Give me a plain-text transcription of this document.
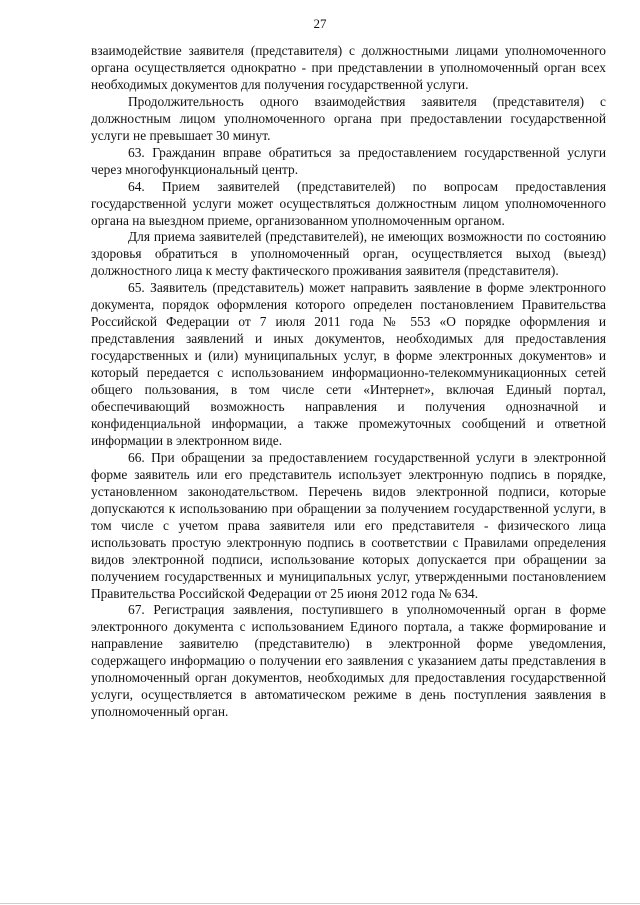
27

взаимодействие заявителя (представителя) с должностными лицами уполномоченного органа осуществляется однократно - при представлении в уполномоченный орган всех необходимых документов для получения государственной услуги.

Продолжительность одного взаимодействия заявителя (представителя) с должностным лицом уполномоченного органа при предоставлении государственной услуги не превышает 30 минут.

63. Гражданин вправе обратиться за предоставлением государственной услуги через многофункциональный центр.

64. Прием заявителей (представителей) по вопросам предоставления государственной услуги может осуществляться должностным лицом уполномоченного органа на выездном приеме, организованном уполномоченным органом.

Для приема заявителей (представителей), не имеющих возможности по состоянию здоровья обратиться в уполномоченный орган, осуществляется выход (выезд) должностного лица к месту фактического проживания заявителя (представителя).

65. Заявитель (представитель) может направить заявление в форме электронного документа, порядок оформления которого определен постановлением Правительства Российской Федерации от 7 июля 2011 года № 553 «О порядке оформления и представления заявлений и иных документов, необходимых для предоставления государственных и (или) муниципальных услуг, в форме электронных документов» и который передается с использованием информационно-телекоммуникационных сетей общего пользования, в том числе сети «Интернет», включая Единый портал, обеспечивающий возможность направления и получения однозначной и конфиденциальной информации, а также промежуточных сообщений и ответной информации в электронном виде.

66. При обращении за предоставлением государственной услуги в электронной форме заявитель или его представитель использует электронную подпись в порядке, установленном законодательством. Перечень видов электронной подписи, которые допускаются к использованию при обращении за получением государственной услуги, в том числе с учетом права заявителя или его представителя - физического лица использовать простую электронную подпись в соответствии с Правилами определения видов электронной подписи, использование которых допускается при обращении за получением государственных и муниципальных услуг, утвержденными постановлением Правительства Российской Федерации от 25 июня 2012 года № 634.

67. Регистрация заявления, поступившего в уполномоченный орган в форме электронного документа с использованием Единого портала, а также формирование и направление заявителю (представителю) в электронной форме уведомления, содержащего информацию о получении его заявления с указанием даты представления в уполномоченный орган документов, необходимых для предоставления государственной услуги, осуществляется в автоматическом режиме в день поступления заявления в уполномоченный орган.
